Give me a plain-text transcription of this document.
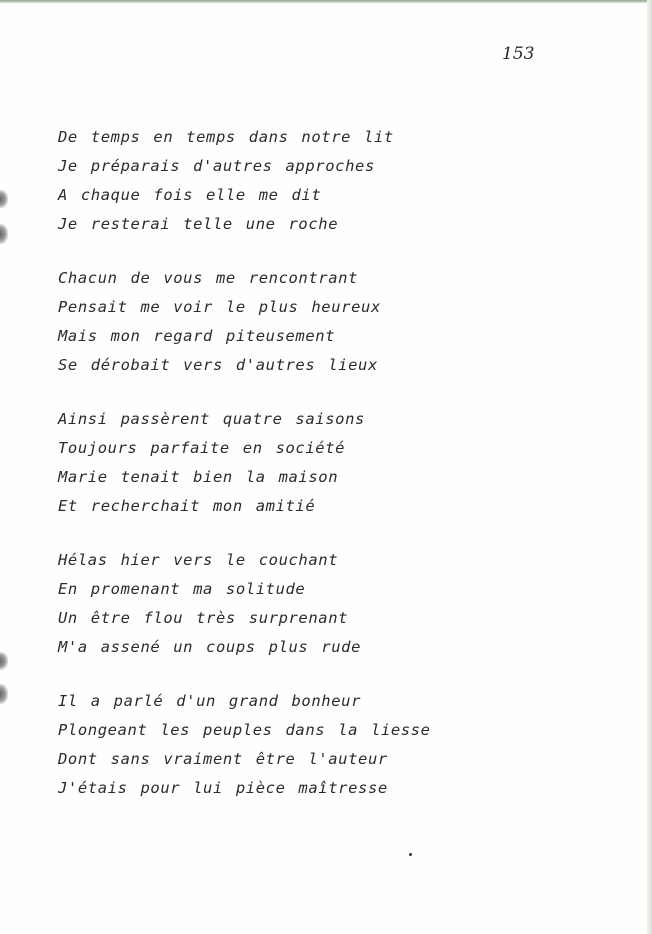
153
De temps en temps dans notre lit
Je préparais d'autres approches
A chaque fois elle me dit
Je resterai telle une roche
Chacun de vous me rencontrant
Pensait me voir le plus heureux
Mais mon regard piteusement
Se dérobait vers d'autres lieux
Ainsi passèrent quatre saisons
Toujours parfaite en société
Marie tenait bien la maison
Et recherchait mon amitié
Hélas hier vers le couchant
En promenant ma solitude
Un être flou très surprenant
M'a assené un coups plus rude
Il a parlé d'un grand bonheur
Plongeant les peuples dans la liesse
Dont sans vraiment être l'auteur
J'étais pour lui pièce maîtresse
